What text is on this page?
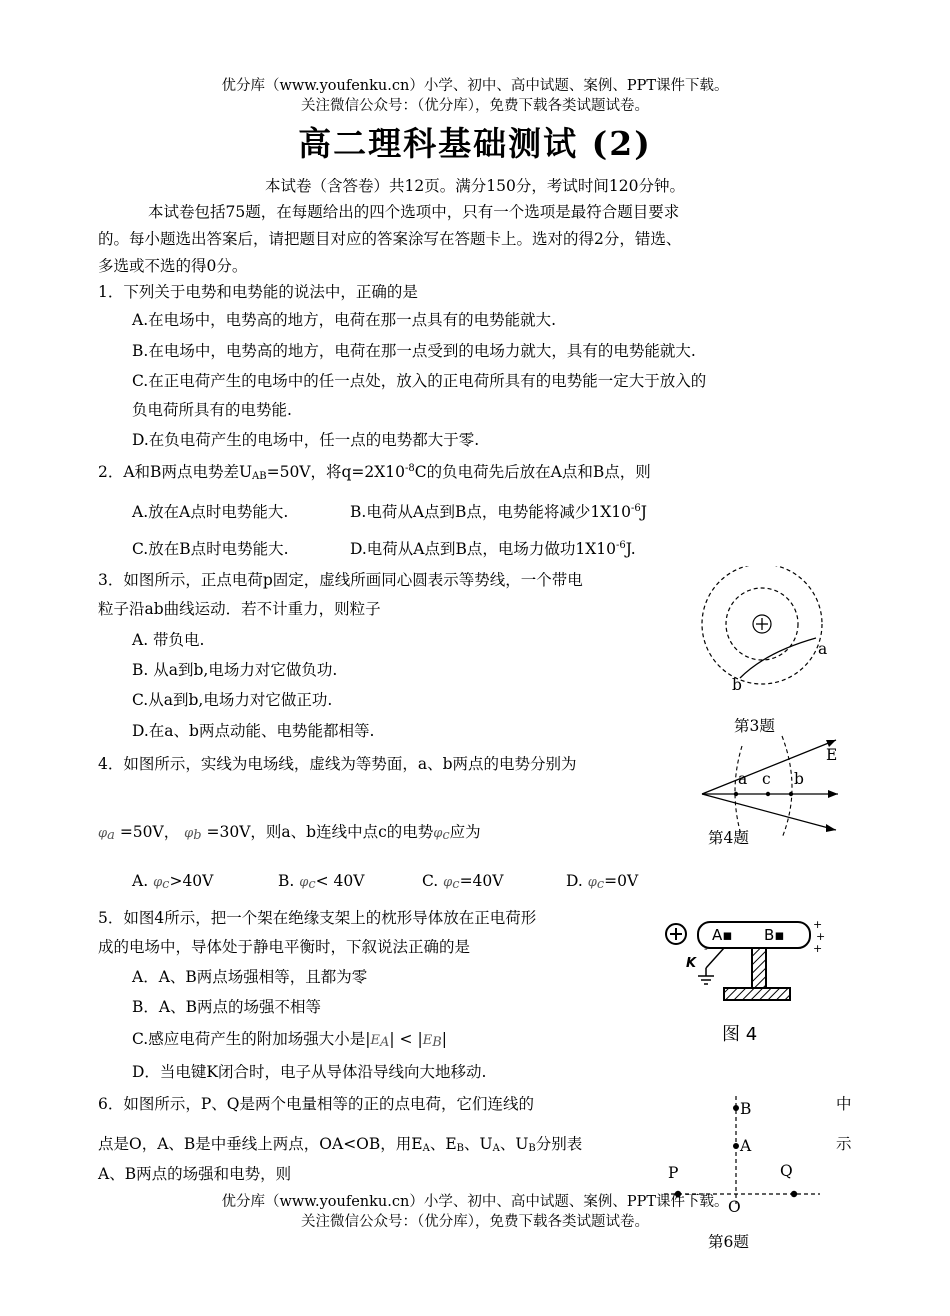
优分库（www.youfenku.cn）小学、初中、高中试题、案例、PPT课件下载。
关注微信公众号：（优分库），免费下载各类试题试卷。
高二理科基础测试 (2)
本试卷（含答卷）共12页。满分150分，考试时间120分钟。
本试卷包括75题，在每题给出的四个选项中，只有一个选项是最符合题目要求
的。每小题选出答案后，请把题目对应的答案涂写在答题卡上。选对的得2分，错选、
多选或不选的得0分。
1．下列关于电势和电势能的说法中，正确的是
A.在电场中，电势高的地方，电荷在那一点具有的电势能就大.
B.在电场中，电势高的地方，电荷在那一点受到的电场力就大，具有的电势能就大.
C.在正电荷产生的电场中的任一点处，放入的正电荷所具有的电势能一定大于放入的
负电荷所具有的电势能.
D.在负电荷产生的电场中，任一点的电势都大于零.
2．A和B两点电势差$U_{AB}=50V$，将$q=2X10^{-8}C$的负电荷先后放在A点和B点，则
A.放在A点时电势能大.	B.电荷从A点到B点，电势能将减少$1X10^{-6}J$
C.放在B点时电势能大.	D.电荷从A点到B点，电场力做功$1X10^{-6}J$.
3．如图所示，正点电荷p固定，虚线所画同心圆表示等势线，一个带电
粒子沿ab曲线运动．若不计重力，则粒子
A. 带负电.
B. 从a到b,电场力对它做负功.
C.从a到b,电场力对它做正功.
D.在a、b两点动能、电势能都相等.
a
b
第3题
4．如图所示，实线为电场线，虚线为等势面，a、b两点的电势分别为
$\varphi_a =50V$， $\varphi_b =30V$，则a、b连线中点c的电势$\varphi_c$应为
A. $\varphi_c>40V$	B. $\varphi_c< 40V$	C. $\varphi_c=40V$	D. $\varphi_c=0V$
E
a c b
第4题
5．如图4所示，把一个架在绝缘支架上的枕形导体放在正电荷形
成的电场中，导体处于静电平衡时，下叙说法正确的是
A．A、B两点场强相等，且都为零
B．A、B两点的场强不相等
C.感应电荷产生的附加场强大小是$|E_A| < |E_B|$
D．当电键K闭合时，电子从导体沿导线向大地移动.
-
-
+
+
+
A▪ B▪
K
图 4
6．如图所示，P、Q是两个电量相等的正的点电荷，它们连线的	中
点是O，A、B是中垂线上两点，OA<OB，用$E_A$、$E_B$、$U_A$、$U_B$分别表	示
A、B两点的场强和电势，则
B
A
P	Q
O
第6题
优分库（www.youfenku.cn）小学、初中、高中试题、案例、PPT课件下载。
关注微信公众号：（优分库），免费下载各类试题试卷。
